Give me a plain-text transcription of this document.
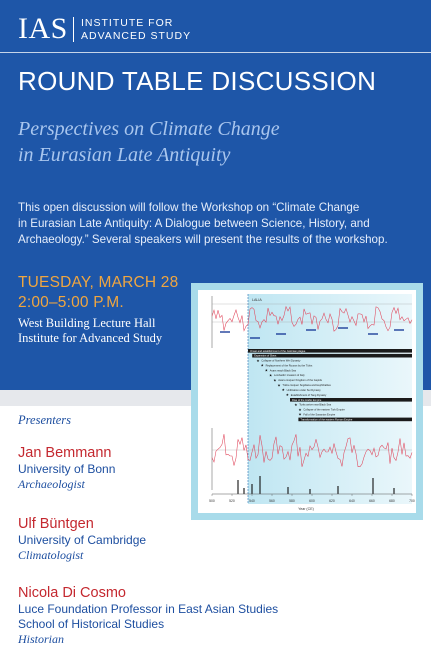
IAS INSTITUTE FOR
ADVANCED STUDY
ROUND TABLE DISCUSSION
Perspectives on Climate Change
in Eurasian Late Antiquity
This open discussion will follow the Workshop on “Climate Change
in Eurasian Late Antiquity: A Dialogue between Science, History, and
Archaeology.” Several speakers will present the results of the workshop.
TUESDAY, MARCH 28
2:00–5:00 P.M.
West Building Lecture Hall
Institute for Advanced Study
LALIA
Onset and establishment of the Justinian plague
Expansion of Slavs
★ Collapse of Northern Wei Dynasty
★ Replacement of the Rouran by the Türks
★ Avars reach Black Sea
★ Lombards' invasion of Italy
★ Avars conquer Kingdom of the Gepids
★ Türks conquer Sogdiana and Hephthalites
★ Unification under Sui Dynasty
★ Establishment of Tang Dynasty
Rise of the Arabic Empire
★ Turks arrive near Black Sea
★ Collapse of the eastern Turk Empire
★ Fall of the Sasanian Empire
Transformation of the eastern Roman Empire
500	520	540	560	580	600	620	640	660	680	700
Year (CE)
Presenters
Jan Bemmann
University of Bonn
Archaeologist
Ulf Büntgen
University of Cambridge
Climatologist
Nicola Di Cosmo
Luce Foundation Professor in East Asian Studies
School of Historical Studies
Historian
